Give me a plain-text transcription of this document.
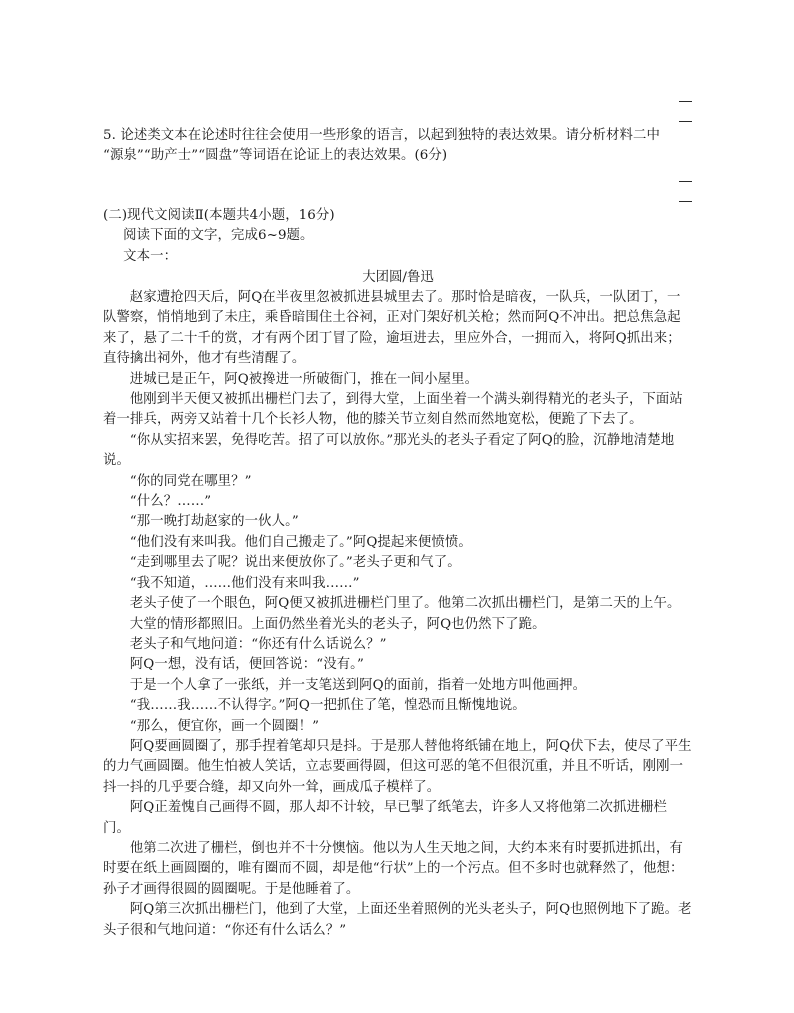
5. 论述类文本在论述时往往会使用一些形象的语言，以起到独特的表达效果。请分析材料二中

“源泉”“助产士”“圆盘”等词语在论证上的表达效果。(6分)

(二)现代文阅读Ⅱ(本题共4小题，16分)

阅读下面的文字，完成6~9题。

文本一：

大团圆/鲁迅

赵家遭抢四天后，阿Q在半夜里忽被抓进县城里去了。那时恰是暗夜，一队兵，一队团丁，一队警察，悄悄地到了未庄，乘昏暗围住土谷祠，正对门架好机关枪；然而阿Q不冲出。把总焦急起来了，悬了二十千的赏，才有两个团丁冒了险，逾垣进去，里应外合，一拥而入，将阿Q抓出来；直待擒出祠外，他才有些清醒了。

进城已是正午，阿Q被搀进一所破衙门，推在一间小屋里。

他刚到半天便又被抓出栅栏门去了，到得大堂，上面坐着一个满头剃得精光的老头子，下面站着一排兵，两旁又站着十几个长衫人物，他的膝关节立刻自然而然地宽松，便跪了下去了。

“你从实招来罢，免得吃苦。招了可以放你。”那光头的老头子看定了阿Q的脸，沉静地清楚地说。

“你的同党在哪里？”

“什么？……”

“那一晚打劫赵家的一伙人。”

“他们没有来叫我。他们自己搬走了。”阿Q提起来便愤愤。

“走到哪里去了呢？说出来便放你了。”老头子更和气了。

“我不知道，……他们没有来叫我……”

老头子使了一个眼色，阿Q便又被抓进栅栏门里了。他第二次抓出栅栏门，是第二天的上午。

大堂的情形都照旧。上面仍然坐着光头的老头子，阿Q也仍然下了跪。

老头子和气地问道：“你还有什么话说么？”

阿Q一想，没有话，便回答说：“没有。”

于是一个人拿了一张纸，并一支笔送到阿Q的面前，指着一处地方叫他画押。

“我……我……不认得字。”阿Q一把抓住了笔，惶恐而且惭愧地说。

“那么，便宜你，画一个圆圈！”

阿Q要画圆圈了，那手捏着笔却只是抖。于是那人替他将纸铺在地上，阿Q伏下去，使尽了平生的力气画圆圈。他生怕被人笑话，立志要画得圆，但这可恶的笔不但很沉重，并且不听话，刚刚一抖一抖的几乎要合缝，却又向外一耸，画成瓜子模样了。

阿Q正羞愧自己画得不圆，那人却不计较，早已掣了纸笔去，许多人又将他第二次抓进栅栏门。

他第二次进了栅栏，倒也并不十分懊恼。他以为人生天地之间，大约本来有时要抓进抓出，有时要在纸上画圆圈的，唯有圈而不圆，却是他“行状”上的一个污点。但不多时也就释然了，他想：孙子才画得很圆的圆圈呢。于是他睡着了。

阿Q第三次抓出栅栏门，他到了大堂，上面还坐着照例的光头老头子，阿Q也照例地下了跪。老头子很和气地问道：“你还有什么话么？”
